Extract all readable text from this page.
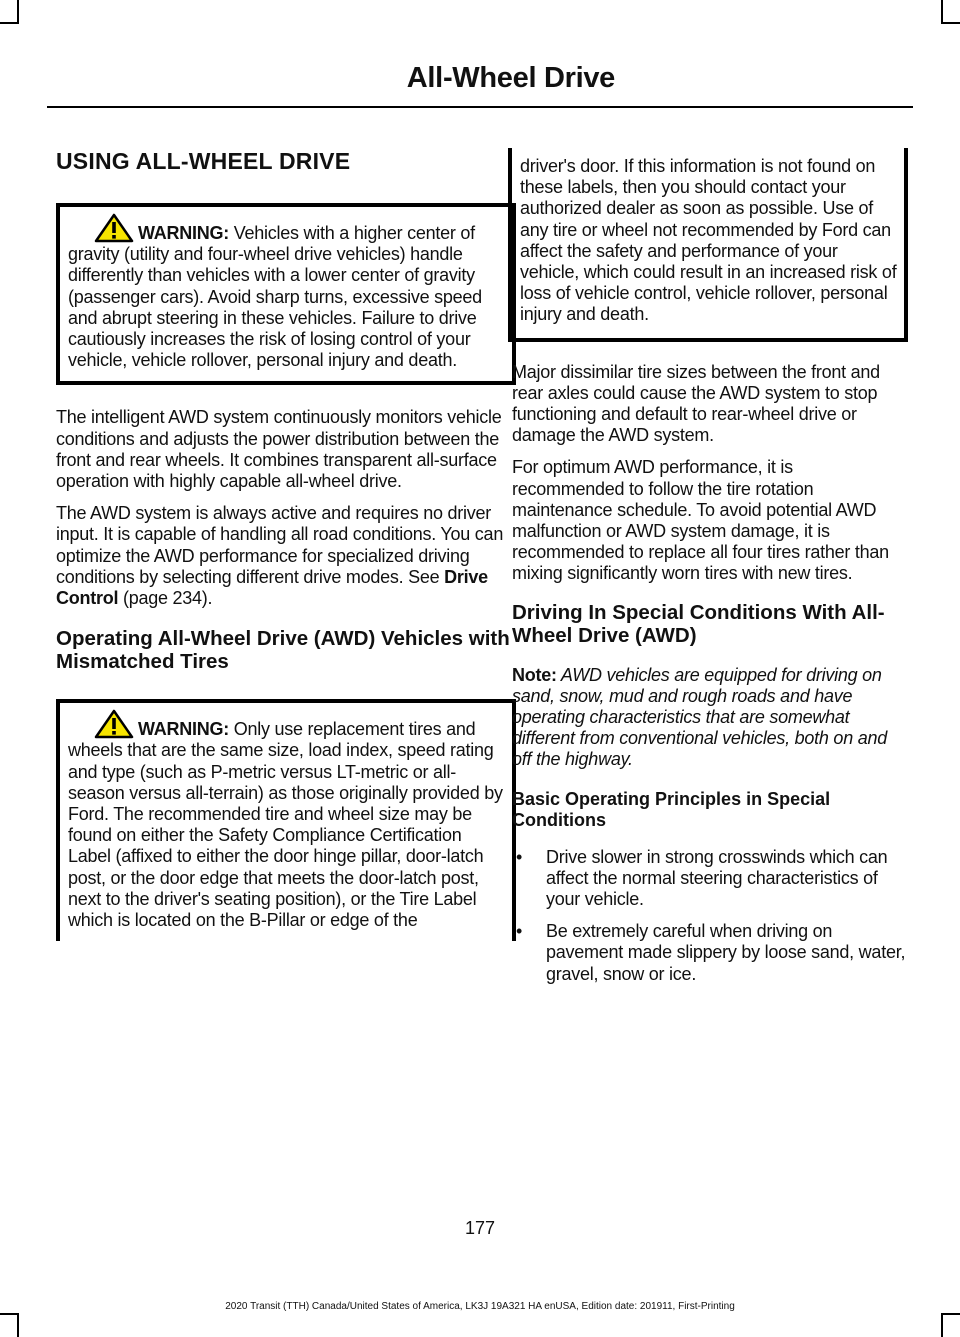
All-Wheel Drive
USING ALL-WHEEL DRIVE

WARNING: Vehicles with a higher center of gravity (utility and four-wheel drive vehicles) handle differently than vehicles with a lower center of gravity (passenger cars). Avoid sharp turns, excessive speed and abrupt steering in these vehicles. Failure to drive cautiously increases the risk of losing control of your vehicle, vehicle rollover, personal injury and death.

The intelligent AWD system continuously monitors vehicle conditions and adjusts the power distribution between the front and rear wheels. It combines transparent all-surface operation with highly capable all-wheel drive.

The AWD system is always active and requires no driver input. It is capable of handling all road conditions. You can optimize the AWD performance for specialized driving conditions by selecting different drive modes. See Drive Control (page 234).

Operating All-Wheel Drive (AWD) Vehicles with Mismatched Tires

WARNING: Only use replacement tires and wheels that are the same size, load index, speed rating and type (such as P-metric versus LT-metric or all-season versus all-terrain) as those originally provided by Ford. The recommended tire and wheel size may be found on either the Safety Compliance Certification Label (affixed to either the door hinge pillar, door-latch post, or the door edge that meets the door-latch post, next to the driver's seating position), or the Tire Label which is located on the B-Pillar or edge of the

driver's door. If this information is not found on these labels, then you should contact your authorized dealer as soon as possible. Use of any tire or wheel not recommended by Ford can affect the safety and performance of your vehicle, which could result in an increased risk of loss of vehicle control, vehicle rollover, personal injury and death.

Major dissimilar tire sizes between the front and rear axles could cause the AWD system to stop functioning and default to rear-wheel drive or damage the AWD system.

For optimum AWD performance, it is recommended to follow the tire rotation maintenance schedule. To avoid potential AWD malfunction or AWD system damage, it is recommended to replace all four tires rather than mixing significantly worn tires with new tires.

Driving In Special Conditions With All-Wheel Drive (AWD)

Note: AWD vehicles are equipped for driving on sand, snow, mud and rough roads and have operating characteristics that are somewhat different from conventional vehicles, both on and off the highway.

Basic Operating Principles in Special Conditions
• Drive slower in strong crosswinds which can affect the normal steering characteristics of your vehicle.
• Be extremely careful when driving on pavement made slippery by loose sand, water, gravel, snow or ice.
177
2020 Transit (TTH) Canada/United States of America, LK3J 19A321 HA enUSA, Edition date: 201911, First-Printing
